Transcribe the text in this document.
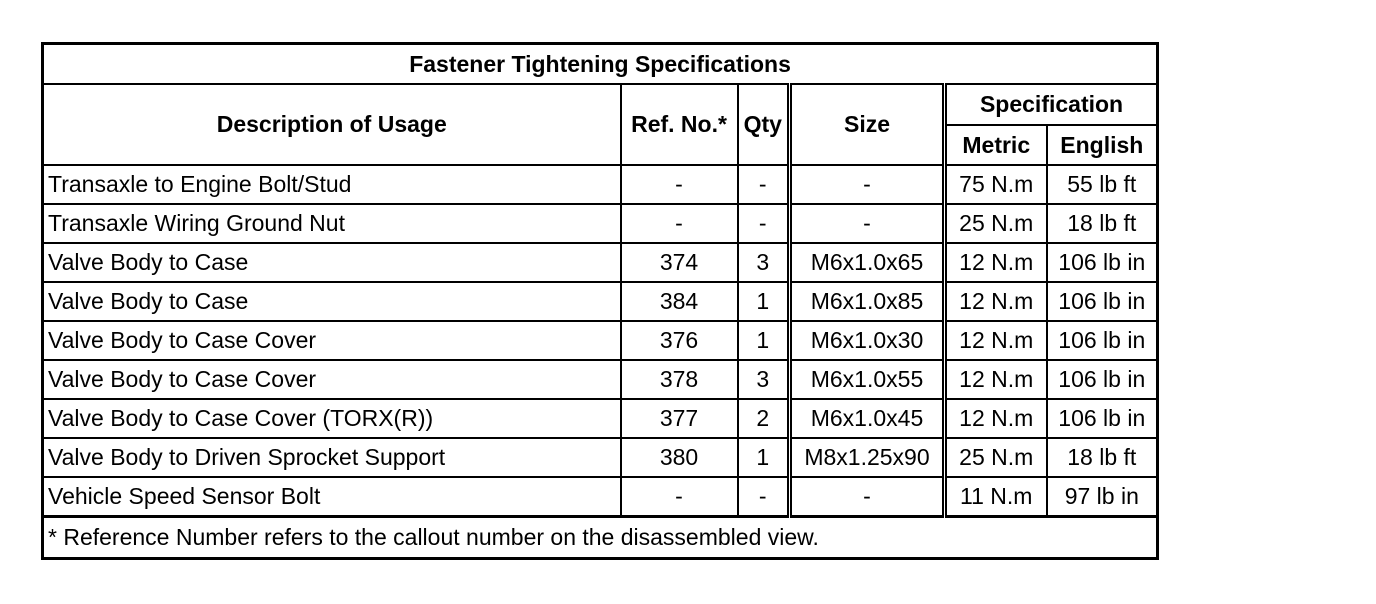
Fastener Tightening Specifications					
Description of Usage	Ref. No.*	Qty	Size	Specification	
				Metric	English
Transaxle to Engine Bolt/Stud	-	-	-	75 N.m	55 lb ft
Transaxle Wiring Ground Nut	-	-	-	25 N.m	18 lb ft
Valve Body to Case	374	3	M6x1.0x65	12 N.m	106 lb in
Valve Body to Case	384	1	M6x1.0x85	12 N.m	106 lb in
Valve Body to Case Cover	376	1	M6x1.0x30	12 N.m	106 lb in
Valve Body to Case Cover	378	3	M6x1.0x55	12 N.m	106 lb in
Valve Body to Case Cover (TORX(R))	377	2	M6x1.0x45	12 N.m	106 lb in
Valve Body to Driven Sprocket Support	380	1	M8x1.25x90	25 N.m	18 lb ft
Vehicle Speed Sensor Bolt	-	-	-	11 N.m	97 lb in
* Reference Number refers to the callout number on the disassembled view.					
